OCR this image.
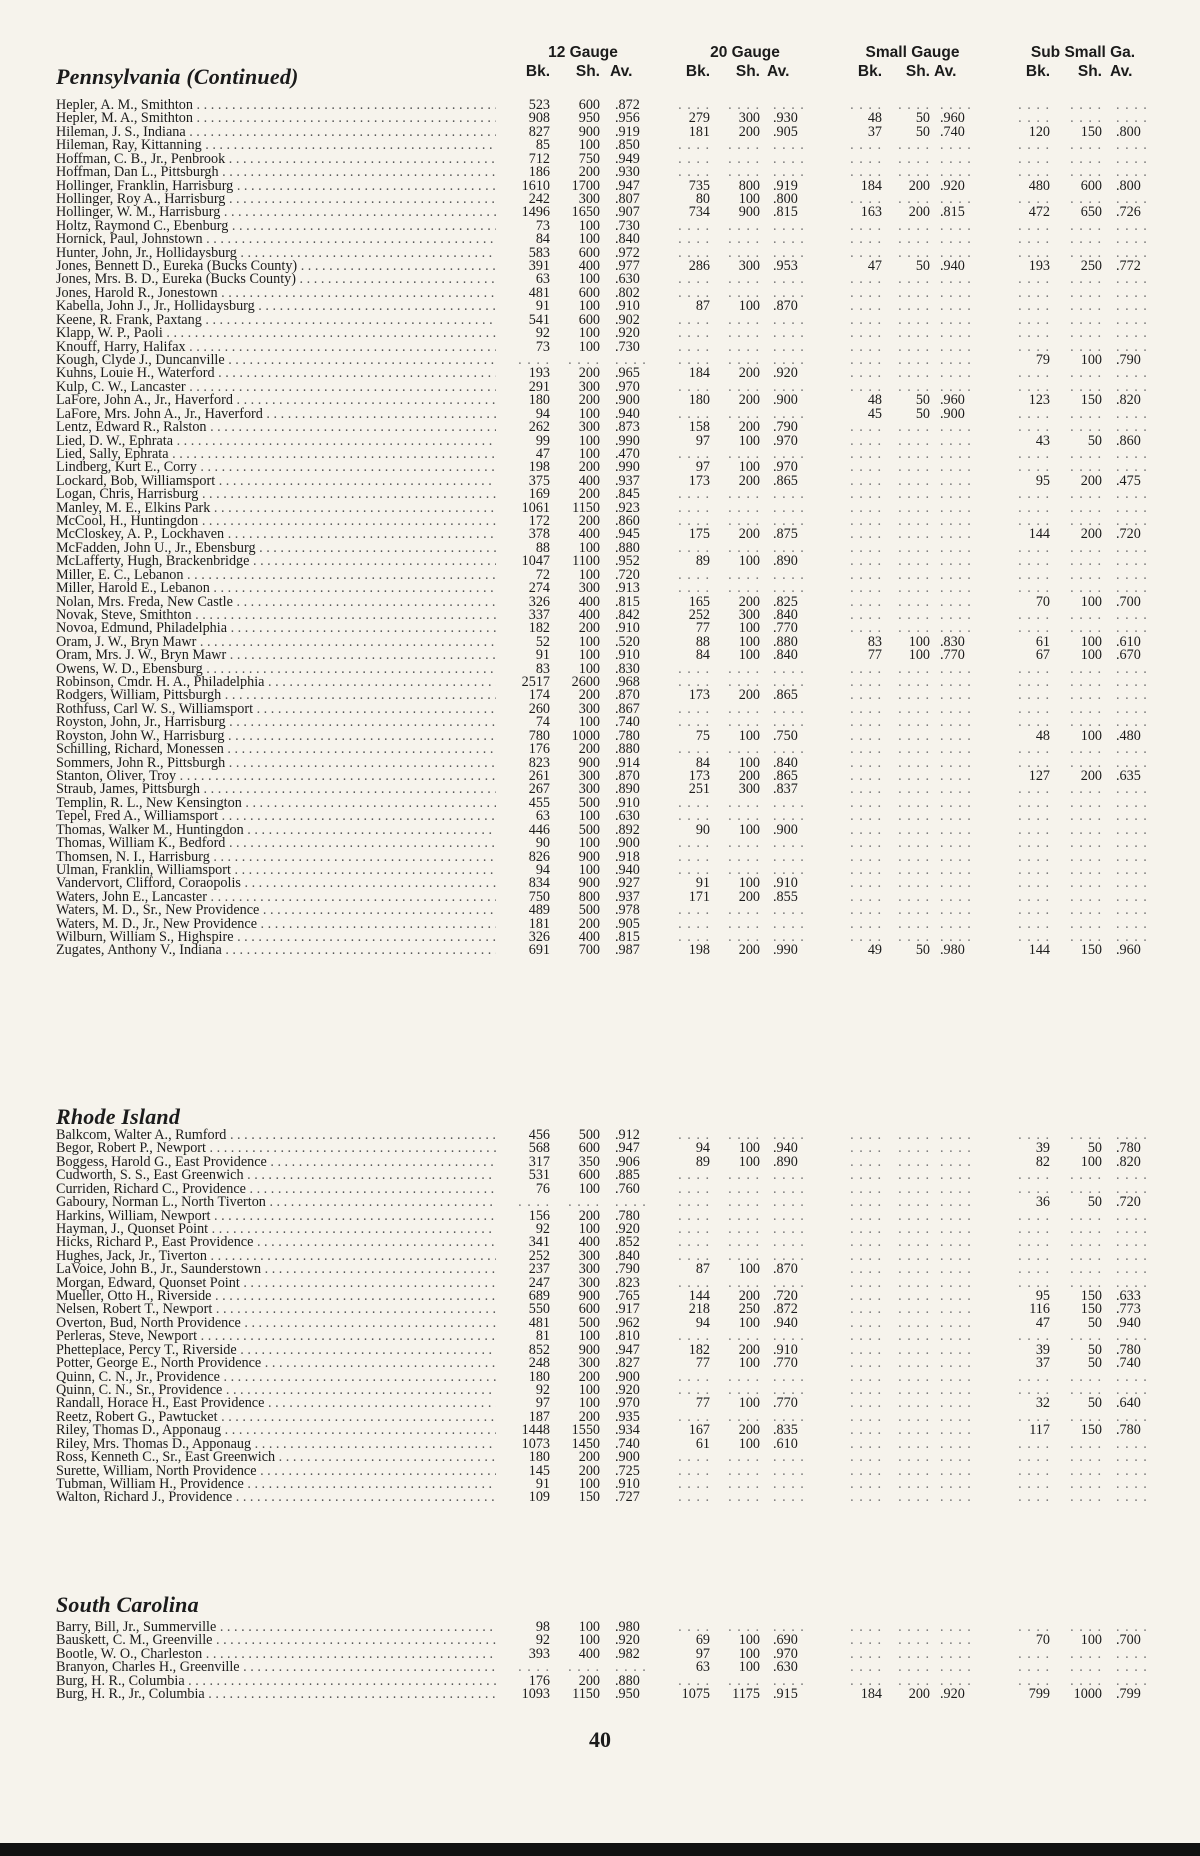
Pennsylvania (Continued)
12 Gauge	20 Gauge	Small Gauge	Sub Small Ga.
Bk.	Sh. Av.	Bk.	Sh. Av.	Bk.	Sh. Av.	Bk.	Sh. Av.
Hepler, A. M., Smithton . . .	523	600 .872	. . . .	. . . . . . . .	. . . .	. . . . . . . .	. . . .	. . . . . . . .
Hepler, M. A., Smithton . . .	908	950 .956	279	300 .930	48	50 .960	. . . .	. . . . . . . .
Hileman, J. S., Indiana . . .	827	900 .919	181	200 .905	37	50 .740	120	150 .800
Hileman, Ray, Kittanning . . .	85	100 .850	. . . .	. . . . . . . .	. . . .	. . . . . . . .	. . . .	. . . . . . . .
Hoffman, C. B., Jr., Penbrook . . .	712	750 .949	. . . .	. . . . . . . .	. . . .	. . . . . . . .	. . . .	. . . . . . . .
Hoffman, Dan L., Pittsburgh . . .	186	200 .930	. . . .	. . . . . . . .	. . . .	. . . . . . . .	. . . .	. . . . . . . .
Hollinger, Franklin, Harrisburg . . .	1610	1700 .947	735	800 .919	184	200 .920	480	600 .800
Hollinger, Roy A., Harrisburg . . .	242	300 .807	80	100 .800	. . . .	. . . . . . . .	. . . .	. . . . . . . .
Hollinger, W. M., Harrisburg . . .	1496	1650 .907	734	900 .815	163	200 .815	472	650 .726
Holtz, Raymond C., Ebenburg . . .	73	100 .730	. . . .	. . . . . . . .	. . . .	. . . . . . . .	. . . .	. . . . . . . .
Hornick, Paul, Johnstown . . .	84	100 .840	. . . .	. . . . . . . .	. . . .	. . . . . . . .	. . . .	. . . . . . . .
Hunter, John, Jr., Hollidaysburg . . .	583	600 .972	. . . .	. . . . . . . .	. . . .	. . . . . . . .	. . . .	. . . . . . . .
Jones, Bennett D., Eureka (Bucks County) . . .	391	400 .977	286	300 .953	47	50 .940	193	250 .772
Jones, Mrs. B. D., Eureka (Bucks County) . . .	63	100 .630	. . . .	. . . . . . . .	. . . .	. . . . . . . .	. . . .	. . . . . . . .
Jones, Harold R., Jonestown . . .	481	600 .802	. . . .	. . . . . . . .	. . . .	. . . . . . . .	. . . .	. . . . . . . .
Kabella, John J., Jr., Hollidaysburg . . .	91	100 .910	87	100 .870	. . . .	. . . . . . . .	. . . .	. . . . . . . .
Keene, R. Frank, Paxtang . . .	541	600 .902	. . . .	. . . . . . . .	. . . .	. . . . . . . .	. . . .	. . . . . . . .
Klapp, W. P., Paoli . . .	92	100 .920	. . . .	. . . . . . . .	. . . .	. . . . . . . .	. . . .	. . . . . . . .
Knouff, Harry, Halifax . . .	73	100 .730	. . . .	. . . . . . . .	. . . .	. . . . . . . .	. . . .	. . . . . . . .
Kough, Clyde J., Duncanville . . .	. . . .	. . . . . . . .	. . . .	. . . . . . . .	. . . .	. . . . . . . .	79	100 .790
Kuhns, Louie H., Waterford . . .	193	200 .965	184	200 .920	. . . .	. . . . . . . .	. . . .	. . . . . . . .
Kulp, C. W., Lancaster . . .	291	300 .970	. . . .	. . . . . . . .	. . . .	. . . . . . . .	. . . .	. . . . . . . .
LaFore, John A., Jr., Haverford . . .	180	200 .900	180	200 .900	48	50 .960	123	150 .820
LaFore, Mrs. John A., Jr., Haverford . . .	94	100 .940	. . . .	. . . . . . . .	45	50 .900	. . . .	. . . . . . . .
Lentz, Edward R., Ralston . . .	262	300 .873	158	200 .790	. . . .	. . . . . . . .	. . . .	. . . . . . . .
Lied, D. W., Ephrata . . .	99	100 .990	97	100 .970	. . . .	. . . . . . . .	43	50 .860
Lied, Sally, Ephrata . . .	47	100 .470	. . . .	. . . . . . . .	. . . .	. . . . . . . .	. . . .	. . . . . . . .
Lindberg, Kurt E., Corry . . .	198	200 .990	97	100 .970	. . . .	. . . . . . . .	. . . .	. . . . . . . .
Lockard, Bob, Williamsport . . .	375	400 .937	173	200 .865	. . . .	. . . . . . . .	95	200 .475
Logan, Chris, Harrisburg . . .	169	200 .845	. . . .	. . . . . . . .	. . . .	. . . . . . . .	. . . .	. . . . . . . .
Manley, M. E., Elkins Park . . .	1061	1150 .923	. . . .	. . . . . . . .	. . . .	. . . . . . . .	. . . .	. . . . . . . .
McCool, H., Huntingdon . . .	172	200 .860	. . . .	. . . . . . . .	. . . .	. . . . . . . .	. . . .	. . . . . . . .
McCloskey, A. P., Lockhaven . . .	378	400 .945	175	200 .875	. . . .	. . . . . . . .	144	200 .720
McFadden, John U., Jr., Ebensburg . . .	88	100 .880	. . . .	. . . . . . . .	. . . .	. . . . . . . .	. . . .	. . . . . . . .
McLafferty, Hugh, Brackenbridge . . .	1047	1100 .952	89	100 .890	. . . .	. . . . . . . .	. . . .	. . . . . . . .
Miller, E. C., Lebanon . . .	72	100 .720	. . . .	. . . . . . . .	. . . .	. . . . . . . .	. . . .	. . . . . . . .
Miller, Harold E., Lebanon . . .	274	300 .913	. . . .	. . . . . . . .	. . . .	. . . . . . . .	. . . .	. . . . . . . .
Nolan, Mrs. Freda, New Castle . . .	326	400 .815	165	200 .825	. . . .	. . . . . . . .	70	100 .700
Novak, Steve, Smithton . . .	337	400 .842	252	300 .840	. . . .	. . . . . . . .	. . . .	. . . . . . . .
Novoa, Edmund, Philadelphia . . .	182	200 .910	77	100 .770	. . . .	. . . . . . . .	. . . .	. . . . . . . .
Oram, J. W., Bryn Mawr . . .	52	100 .520	88	100 .880	83	100 .830	61	100 .610
Oram, Mrs. J. W., Bryn Mawr . . .	91	100 .910	84	100 .840	77	100 .770	67	100 .670
Owens, W. D., Ebensburg . . .	83	100 .830	. . . .	. . . . . . . .	. . . .	. . . . . . . .	. . . .	. . . . . . . .
Robinson, Cmdr. H. A., Philadelphia . . .	2517	2600 .968	. . . .	. . . . . . . .	. . . .	. . . . . . . .	. . . .	. . . . . . . .
Rodgers, William, Pittsburgh . . .	174	200 .870	173	200 .865	. . . .	. . . . . . . .	. . . .	. . . . . . . .
Rothfuss, Carl W. S., Williamsport . . .	260	300 .867	. . . .	. . . . . . . .	. . . .	. . . . . . . .	. . . .	. . . . . . . .
Royston, John, Jr., Harrisburg . . .	74	100 .740	. . . .	. . . . . . . .	. . . .	. . . . . . . .	. . . .	. . . . . . . .
Royston, John W., Harrisburg . . .	780	1000 .780	75	100 .750	. . . .	. . . . . . . .	48	100 .480
Schilling, Richard, Monessen . . .	176	200 .880	. . . .	. . . . . . . .	. . . .	. . . . . . . .	. . . .	. . . . . . . .
Sommers, John R., Pittsburgh . . .	823	900 .914	84	100 .840	. . . .	. . . . . . . .	. . . .	. . . . . . . .
Stanton, Oliver, Troy . . .	261	300 .870	173	200 .865	. . . .	. . . . . . . .	127	200 .635
Straub, James, Pittsburgh . . .	267	300 .890	251	300 .837	. . . .	. . . . . . . .	. . . .	. . . . . . . .
Templin, R. L., New Kensington . . .	455	500 .910	. . . .	. . . . . . . .	. . . .	. . . . . . . .	. . . .	. . . . . . . .
Tepel, Fred A., Williamsport . . .	63	100 .630	. . . .	. . . . . . . .	. . . .	. . . . . . . .	. . . .	. . . . . . . .
Thomas, Walker M., Huntingdon . . .	446	500 .892	90	100 .900	. . . .	. . . . . . . .	. . . .	. . . . . . . .
Thomas, William K., Bedford . . .	90	100 .900	. . . .	. . . . . . . .	. . . .	. . . . . . . .	. . . .	. . . . . . . .
Thomsen, N. I., Harrisburg . . .	826	900 .918	. . . .	. . . . . . . .	. . . .	. . . . . . . .	. . . .	. . . . . . . .
Ulman, Franklin, Williamsport . . .	94	100 .940	. . . .	. . . . . . . .	. . . .	. . . . . . . .	. . . .	. . . . . . . .
Vandervort, Clifford, Coraopolis . . .	834	900 .927	91	100 .910	. . . .	. . . . . . . .	. . . .	. . . . . . . .
Waters, John E., Lancaster . . .	750	800 .937	171	200 .855	. . . .	. . . . . . . .	. . . .	. . . . . . . .
Waters, M. D., Sr., New Providence . . .	489	500 .978	. . . .	. . . . . . . .	. . . .	. . . . . . . .	. . . .	. . . . . . . .
Waters, M. D., Jr., New Providence . . .	181	200 .905	. . . .	. . . . . . . .	. . . .	. . . . . . . .	. . . .	. . . . . . . .
Wilburn, William S., Highspire . . .	326	400 .815	. . . .	. . . . . . . .	. . . .	. . . . . . . .	. . . .	. . . . . . . .
Zugates, Anthony V., Indiana . . .	691	700 .987	198	200 .990	49	50 .980	144	150 .960
Rhode Island
Balkcom, Walter A., Rumford . . .	456	500 .912	. . . .	. . . . . . . .	. . . .	. . . . . . . .	. . . .	. . . . . . . .
Begor, Robert P., Newport . . .	568	600 .947	94	100 .940	. . . .	. . . . . . . .	39	50 .780
Boggess, Harold G., East Providence . . .	317	350 .906	89	100 .890	. . . .	. . . . . . . .	82	100 .820
Cudworth, S. S., East Greenwich . . .	531	600 .885	. . . .	. . . . . . . .	. . . .	. . . . . . . .	. . . .	. . . . . . . .
Curriden, Richard C., Providence . . .	76	100 .760	. . . .	. . . . . . . .	. . . .	. . . . . . . .	. . . .	. . . . . . . .
Gaboury, Norman L., North Tiverton . . .	. . . .	. . . . . . . .	. . . .	. . . . . . . .	. . . .	. . . . . . . .	36	50 .720
Harkins, William, Newport . . .	156	200 .780	. . . .	. . . . . . . .	. . . .	. . . . . . . .	. . . .	. . . . . . . .
Hayman, J., Quonset Point . . .	92	100 .920	. . . .	. . . . . . . .	. . . .	. . . . . . . .	. . . .	. . . . . . . .
Hicks, Richard P., East Providence . . .	341	400 .852	. . . .	. . . . . . . .	. . . .	. . . . . . . .	. . . .	. . . . . . . .
Hughes, Jack, Jr., Tiverton . . .	252	300 .840	. . . .	. . . . . . . .	. . . .	. . . . . . . .	. . . .	. . . . . . . .
LaVoice, John B., Jr., Saunderstown . . .	237	300 .790	87	100 .870	. . . .	. . . . . . . .	. . . .	. . . . . . . .
Morgan, Edward, Quonset Point . . .	247	300 .823	. . . .	. . . . . . . .	. . . .	. . . . . . . .	. . . .	. . . . . . . .
Mueller, Otto H., Riverside . . .	689	900 .765	144	200 .720	. . . .	. . . . . . . .	95	150 .633
Nelsen, Robert T., Newport . . .	550	600 .917	218	250 .872	. . . .	. . . . . . . .	116	150 .773
Overton, Bud, North Providence . . .	481	500 .962	94	100 .940	. . . .	. . . . . . . .	47	50 .940
Perleras, Steve, Newport . . .	81	100 .810	. . . .	. . . . . . . .	. . . .	. . . . . . . .	. . . .	. . . . . . . .
Phetteplace, Percy T., Riverside . . .	852	900 .947	182	200 .910	. . . .	. . . . . . . .	39	50 .780
Potter, George E., North Providence . . .	248	300 .827	77	100 .770	. . . .	. . . . . . . .	37	50 .740
Quinn, C. N., Jr., Providence . . .	180	200 .900	. . . .	. . . . . . . .	. . . .	. . . . . . . .	. . . .	. . . . . . . .
Quinn, C. N., Sr., Providence . . .	92	100 .920	. . . .	. . . . . . . .	. . . .	. . . . . . . .	. . . .	. . . . . . . .
Randall, Horace H., East Providence . . .	97	100 .970	77	100 .770	. . . .	. . . . . . . .	32	50 .640
Reetz, Robert G., Pawtucket . . .	187	200 .935	. . . .	. . . . . . . .	. . . .	. . . . . . . .	. . . .	. . . . . . . .
Riley, Thomas D., Apponaug . . .	1448	1550 .934	167	200 .835	. . . .	. . . . . . . .	117	150 .780
Riley, Mrs. Thomas D., Apponaug . . .	1073	1450 .740	61	100 .610	. . . .	. . . . . . . .	. . . .	. . . . . . . .
Ross, Kenneth C., Sr., East Greenwich . . .	180	200 .900	. . . .	. . . . . . . .	. . . .	. . . . . . . .	. . . .	. . . . . . . .
Surette, William, North Providence . . .	145	200 .725	. . . .	. . . . . . . .	. . . .	. . . . . . . .	. . . .	. . . . . . . .
Tubman, William H., Providence . . .	91	100 .910	. . . .	. . . . . . . .	. . . .	. . . . . . . .	. . . .	. . . . . . . .
Walton, Richard J., Providence . . .	109	150 .727	. . . .	. . . . . . . .	. . . .	. . . . . . . .	. . . .	. . . . . . . .
South Carolina
Barry, Bill, Jr., Summerville . . .	98	100 .980	. . . .	. . . . . . . .	. . . .	. . . . . . . .	. . . .	. . . . . . . .
Bauskett, C. M., Greenville . . .	92	100 .920	69	100 .690	. . . .	. . . . . . . .	70	100 .700
Bootle, W. O., Charleston . . .	393	400 .982	97	100 .970	. . . .	. . . . . . . .	. . . .	. . . . . . . .
Branyon, Charles H., Greenville . . .	. . . .	. . . . . . . .	63	100 .630	. . . .	. . . . . . . .	. . . .	. . . . . . . .
Burg, H. R., Columbia . . .	176	200 .880	. . . .	. . . . . . . .	. . . .	. . . . . . . .	. . . .	. . . . . . . .
Burg, H. R., Jr., Columbia . . .	1093	1150 .950	1075	1175 .915	184	200 .920	799	1000 .799
40
